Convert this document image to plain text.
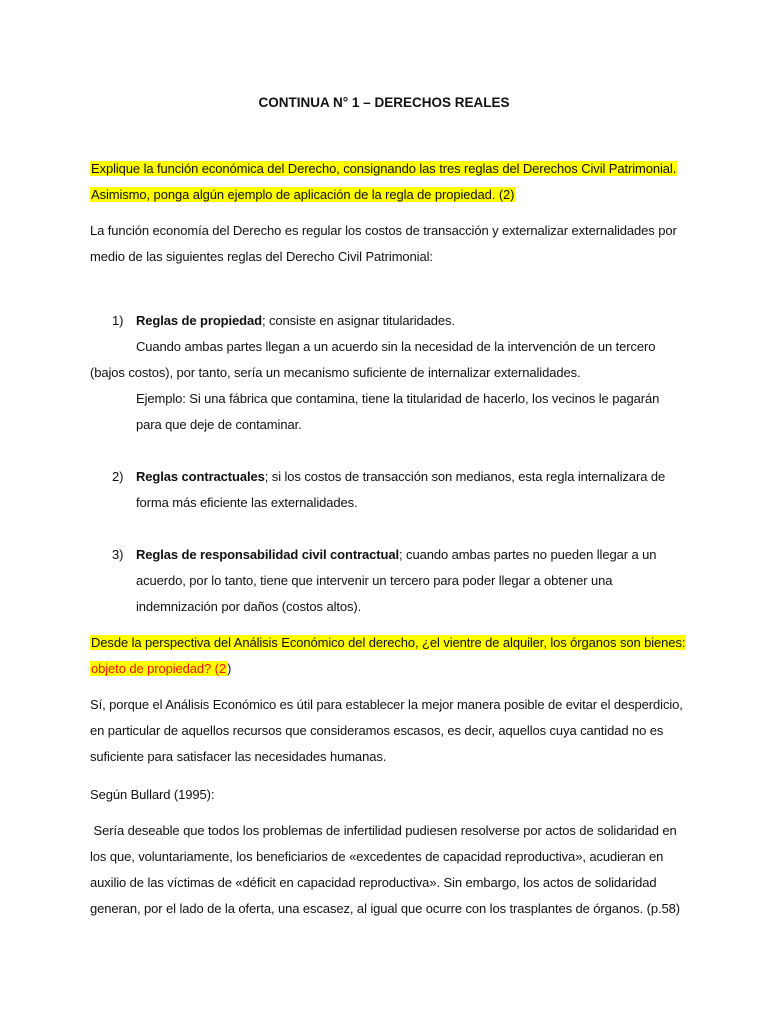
CONTINUA N° 1 – DERECHOS REALES
Explique la función económica del Derecho, consignando las tres reglas del Derechos Civil Patrimonial.
Asimismo, ponga algún ejemplo de aplicación de la regla de propiedad. (2)
La función economía del Derecho es regular los costos de transacción y externalizar externalidades por
medio de las siguientes reglas del Derecho Civil Patrimonial:
1) Reglas de propiedad; consiste en asignar titularidades.
Cuando ambas partes llegan a un acuerdo sin la necesidad de la intervención de un tercero
(bajos costos), por tanto, sería un mecanismo suficiente de internalizar externalidades.
Ejemplo: Si una fábrica que contamina, tiene la titularidad de hacerlo, los vecinos le pagarán
para que deje de contaminar.
2) Reglas contractuales; si los costos de transacción son medianos, esta regla internalizara de
forma más eficiente las externalidades.
3) Reglas de responsabilidad civil contractual; cuando ambas partes no pueden llegar a un
acuerdo, por lo tanto, tiene que intervenir un tercero para poder llegar a obtener una
indemnización por daños (costos altos).
Desde la perspectiva del Análisis Económico del derecho, ¿el vientre de alquiler, los órganos son bienes:
objeto de propiedad? (2)
Sí, porque el Análisis Económico es útil para establecer la mejor manera posible de evitar el desperdicio,
en particular de aquellos recursos que consideramos escasos, es decir, aquellos cuya cantidad no es
suficiente para satisfacer las necesidades humanas.
Según Bullard (1995):
Sería deseable que todos los problemas de infertilidad pudiesen resolverse por actos de solidaridad en
los que, voluntariamente, los beneficiarios de «excedentes de capacidad reproductiva», acudieran en
auxilio de las víctimas de «déficit en capacidad reproductiva». Sin embargo, los actos de solidaridad
generan, por el lado de la oferta, una escasez, al igual que ocurre con los trasplantes de órganos. (p.58)
